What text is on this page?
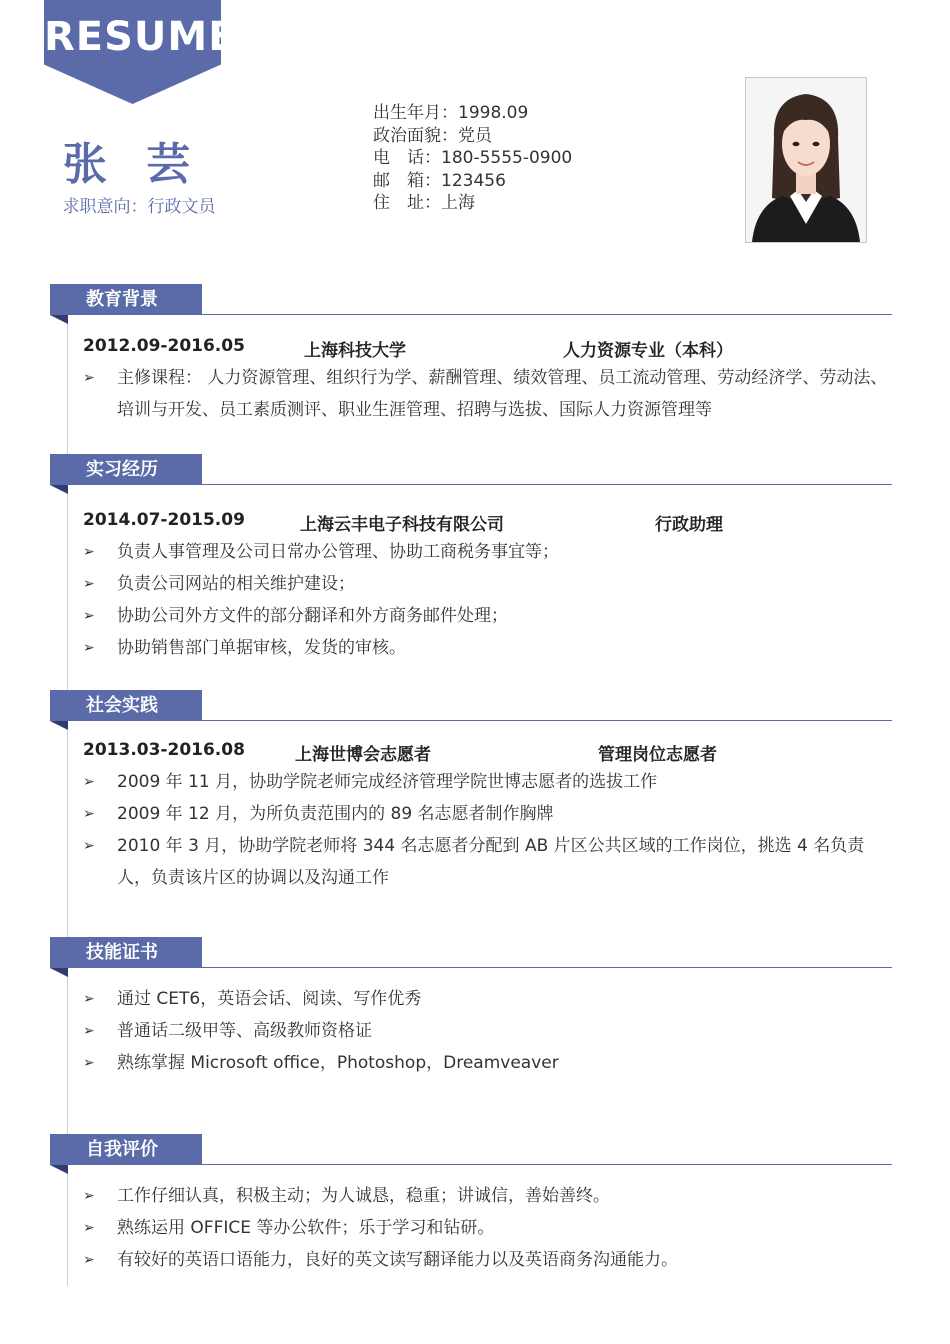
RESUME
张 芸
求职意向：行政文员
出生年月：1998.09
政治面貌：党员
电　话：180-5555-0900
邮　箱：123456
住　址：上海
教育背景
2012.09-2016.05	上海科技大学	人力资源专业（本科）
➢ 主修课程： 人力资源管理、组织行为学、薪酬管理、绩效管理、员工流动管理、劳动经济学、劳动法、培训与开发、员工素质测评、职业生涯管理、招聘与选拔、国际人力资源管理等
实习经历
2014.07-2015.09	上海云丰电子科技有限公司	行政助理
➢ 负责人事管理及公司日常办公管理、协助工商税务事宜等；
➢ 负责公司网站的相关维护建设；
➢ 协助公司外方文件的部分翻译和外方商务邮件处理；
➢ 协助销售部门单据审核，发货的审核。
社会实践
2013.03-2016.08	上海世博会志愿者	管理岗位志愿者
➢ 2009 年 11 月，协助学院老师完成经济管理学院世博志愿者的选拔工作
➢ 2009 年 12 月，为所负责范围内的 89 名志愿者制作胸牌
➢ 2010 年 3 月，协助学院老师将 344 名志愿者分配到 AB 片区公共区域的工作岗位，挑选 4 名负责人，负责该片区的协调以及沟通工作
技能证书
➢ 通过 CET6，英语会话、阅读、写作优秀
➢ 普通话二级甲等、高级教师资格证
➢ 熟练掌握 Microsoft office，Photoshop，Dreamveaver
自我评价
➢ 工作仔细认真，积极主动；为人诚恳，稳重；讲诚信，善始善终。
➢ 熟练运用 OFFICE 等办公软件；乐于学习和钻研。
➢ 有较好的英语口语能力，良好的英文读写翻译能力以及英语商务沟通能力。
